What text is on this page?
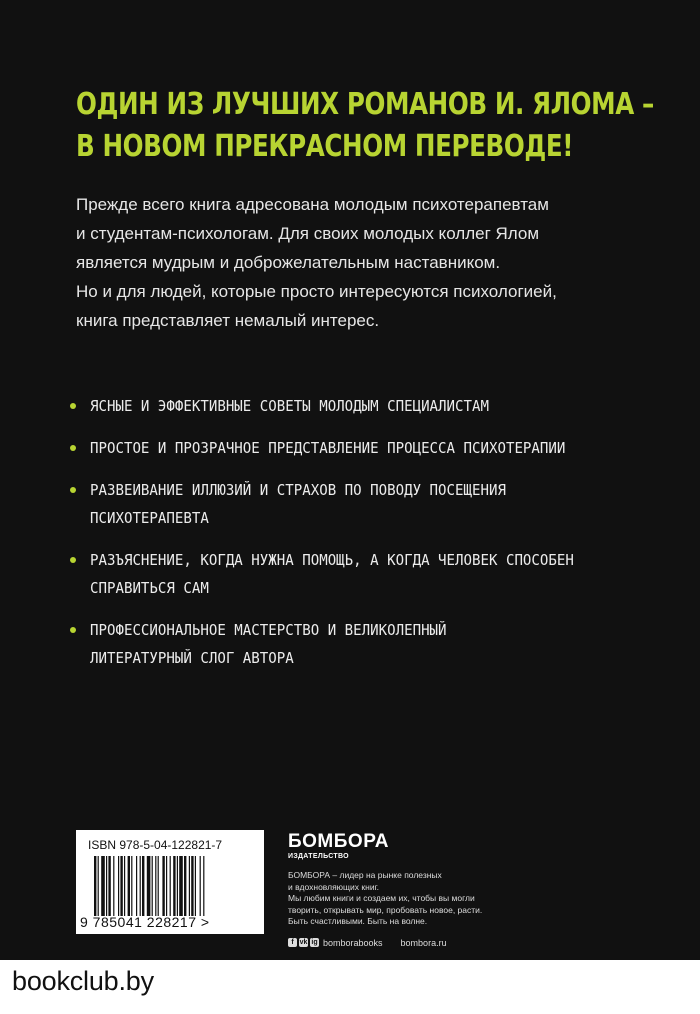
ОДИН ИЗ ЛУЧШИХ РОМАНОВ И. ЯЛОМА –
В НОВОМ ПРЕКРАСНОМ ПЕРЕВОДЕ!

Прежде всего книга адресована молодым психотерапевтам
и студентам-психологам. Для своих молодых коллег Ялом
является мудрым и доброжелательным наставником.
Но и для людей, которые просто интересуются психологией,
книга представляет немалый интерес.

ЯСНЫЕ И ЭФФЕКТИВНЫЕ СОВЕТЫ МОЛОДЫМ СПЕЦИАЛИСТАМ
ПРОСТОЕ И ПРОЗРАЧНОЕ ПРЕДСТАВЛЕНИЕ ПРОЦЕССА ПСИХОТЕРАПИИ
РАЗВЕИВАНИЕ ИЛЛЮЗИЙ И СТРАХОВ ПО ПОВОДУ ПОСЕЩЕНИЯ
ПСИХОТЕРАПЕВТА
РАЗЪЯСНЕНИЕ, КОГДА НУЖНА ПОМОЩЬ, А КОГДА ЧЕЛОВЕК СПОСОБЕН
СПРАВИТЬСЯ САМ
ПРОФЕССИОНАЛЬНОЕ МАСТЕРСТВО И ВЕЛИКОЛЕПНЫЙ
ЛИТЕРАТУРНЫЙ СЛОГ АВТОРА
ISBN 978-5-04-122821-7
9 785041 228217 >
БОМБОРА
ИЗДАТЕЛЬСТВО
БОМБОРА – лидер на рынке полезных
и вдохновляющих книг.
Мы любим книги и создаем их, чтобы вы могли
творить, открывать мир, пробовать новое, расти.
Быть счастливыми. Быть на волне.
f vk ig bomborabooks bombora.ru
bookclub.by
